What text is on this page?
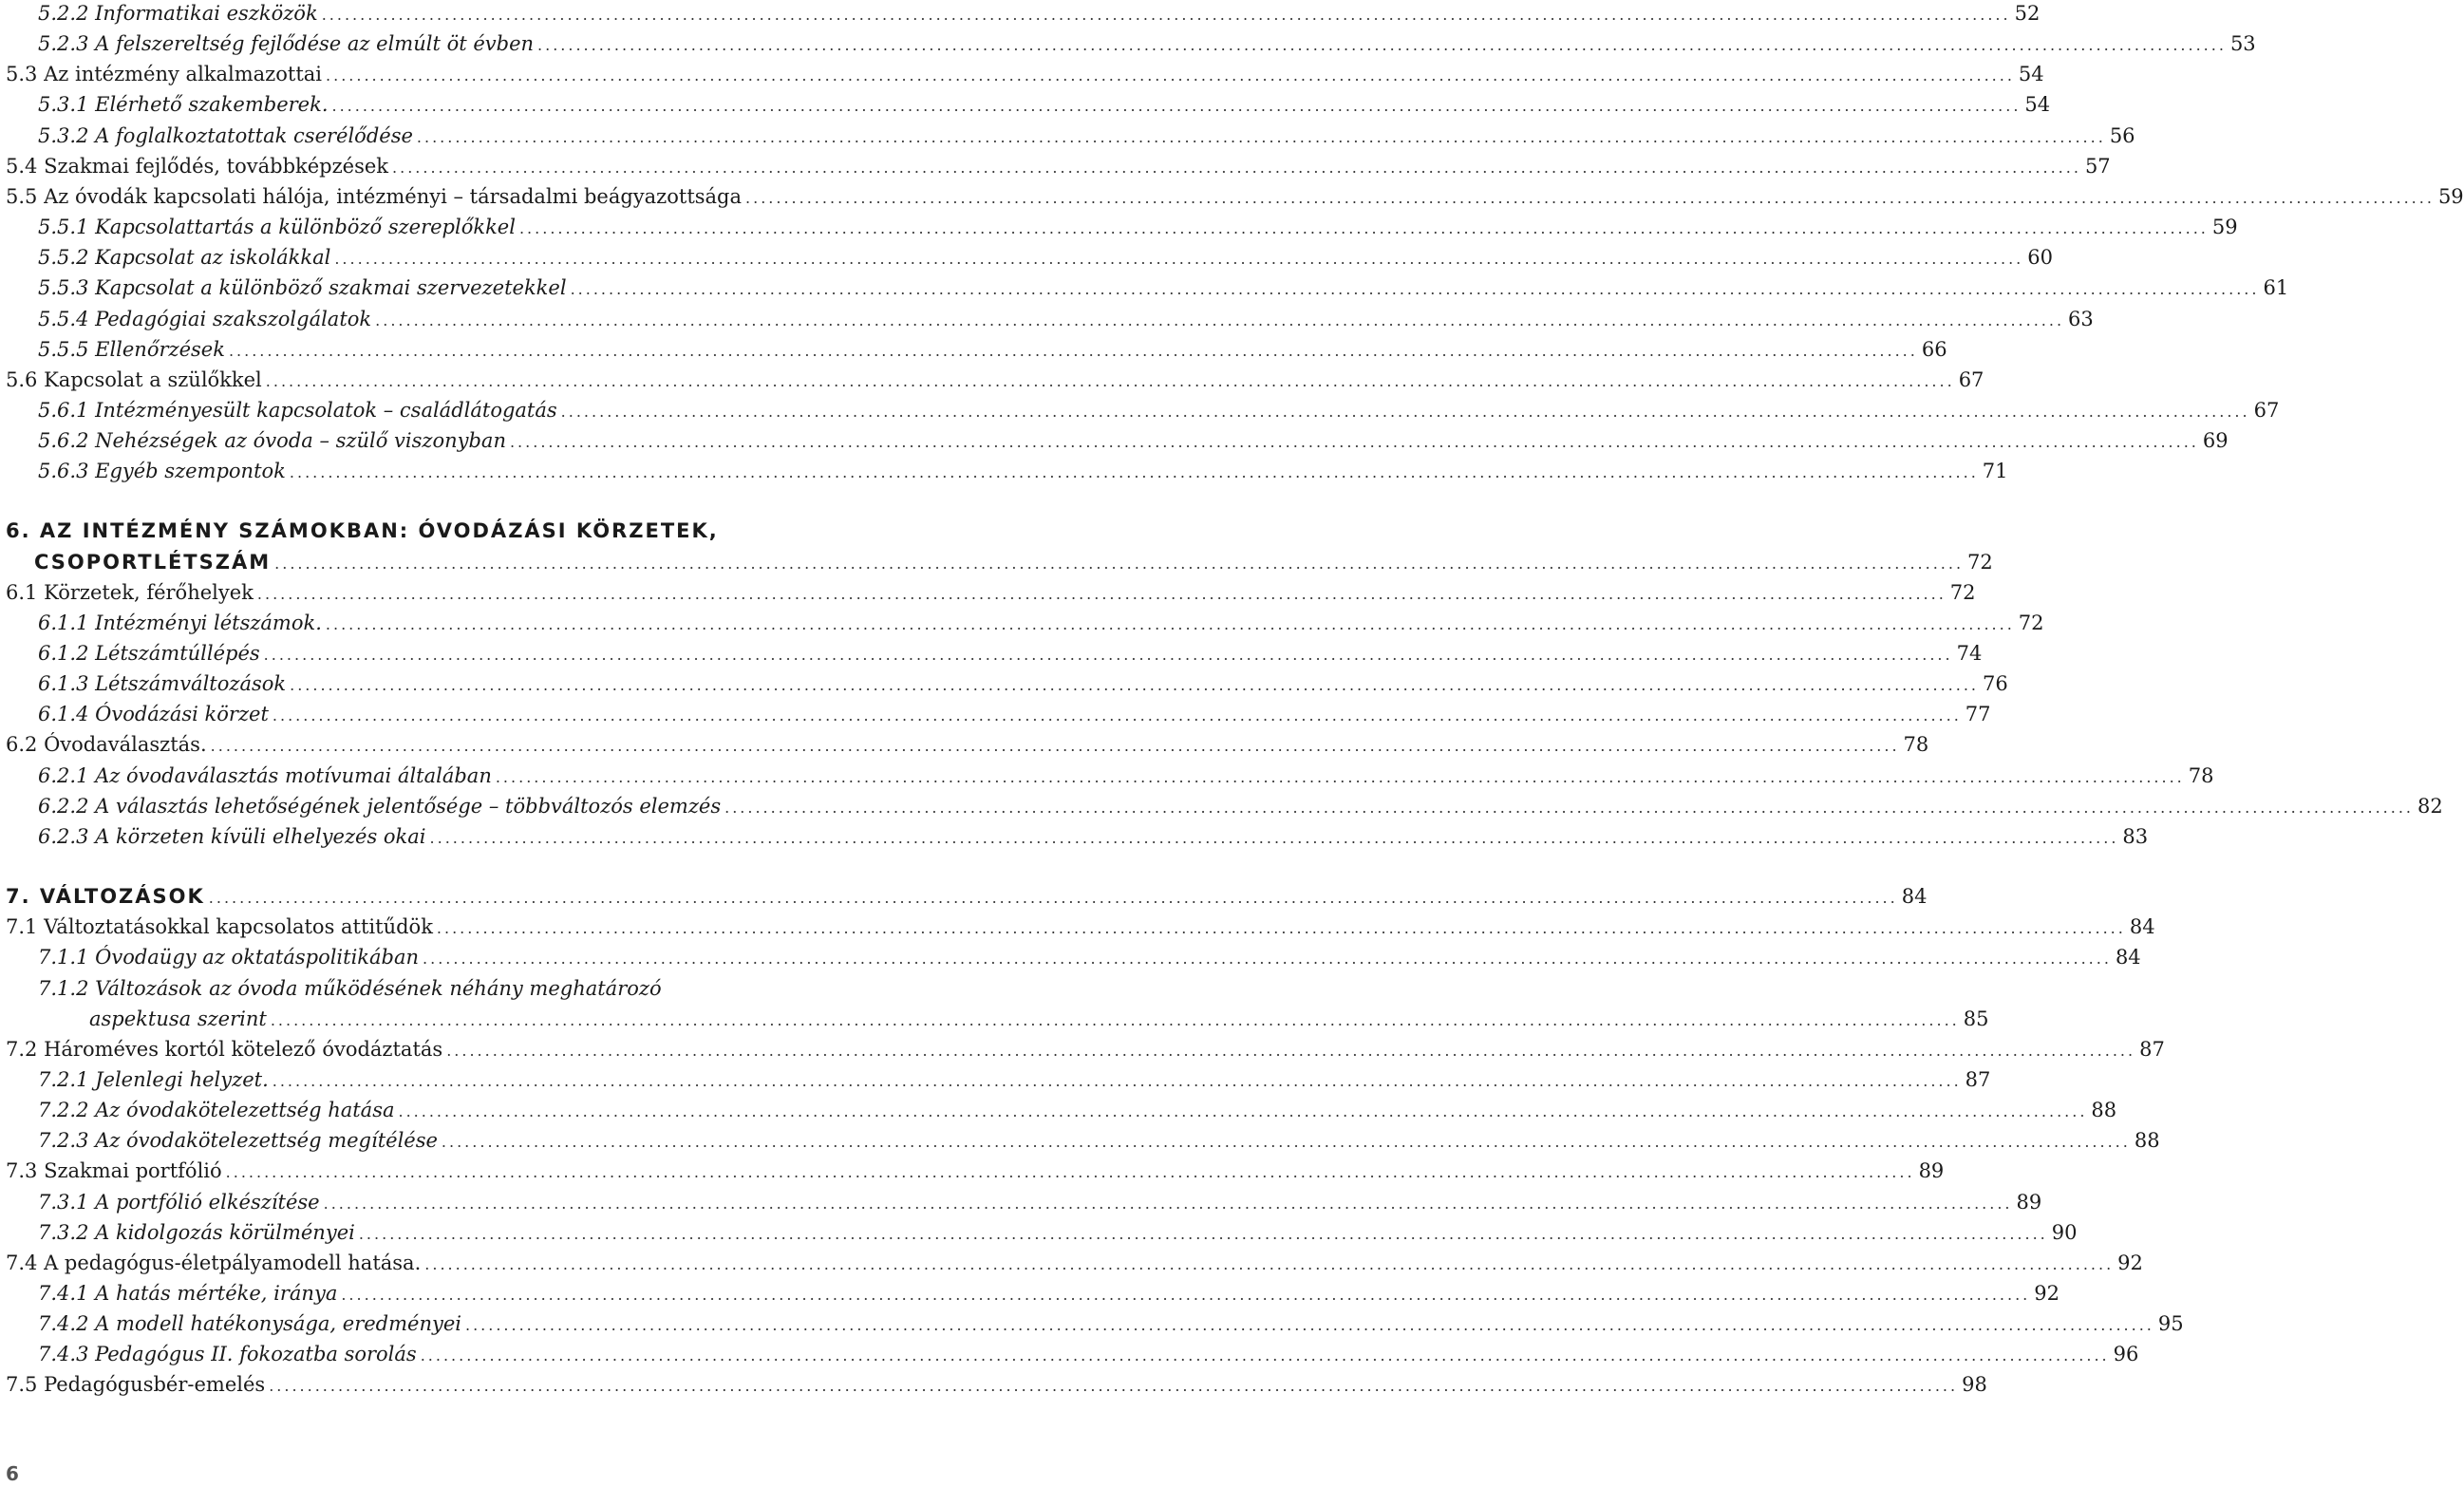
5.2.2 Informatikai eszközök ............................................................................................................................................................................................................................ 52
5.2.3 A felszereltség fejlődése az elmúlt öt évben ............................................................................................................................................................................................................................ 53
5.3 Az intézmény alkalmazottai ............................................................................................................................................................................................................................ 54
5.3.1 Elérhető szakemberek. ............................................................................................................................................................................................................................ 54
5.3.2 A foglalkoztatottak cserélődése ............................................................................................................................................................................................................................ 56
5.4 Szakmai fejlődés, továbbképzések ............................................................................................................................................................................................................................ 57
5.5 Az óvodák kapcsolati hálója, intézményi – társadalmi beágyazottsága ............................................................................................................................................................................................................................ 59
5.5.1 Kapcsolattartás a különböző szereplőkkel ............................................................................................................................................................................................................................ 59
5.5.2 Kapcsolat az iskolákkal ............................................................................................................................................................................................................................ 60
5.5.3 Kapcsolat a különböző szakmai szervezetekkel ............................................................................................................................................................................................................................ 61
5.5.4 Pedagógiai szakszolgálatok ............................................................................................................................................................................................................................ 63
5.5.5 Ellenőrzések ............................................................................................................................................................................................................................ 66
5.6 Kapcsolat a szülőkkel ............................................................................................................................................................................................................................ 67
5.6.1 Intézményesült kapcsolatok – családlátogatás ............................................................................................................................................................................................................................ 67
5.6.2 Nehézségek az óvoda – szülő viszonyban ............................................................................................................................................................................................................................ 69
5.6.3 Egyéb szempontok ............................................................................................................................................................................................................................ 71
6. AZ INTÉZMÉNY SZÁMOKBAN: ÓVODÁZÁSI KÖRZETEK,
CSOPORTLÉTSZÁM ............................................................................................................................................................................................................................ 72
6.1 Körzetek, férőhelyek ............................................................................................................................................................................................................................ 72
6.1.1 Intézményi létszámok. ............................................................................................................................................................................................................................ 72
6.1.2 Létszámtúllépés ............................................................................................................................................................................................................................ 74
6.1.3 Létszámváltozások ............................................................................................................................................................................................................................ 76
6.1.4 Óvodázási körzet ............................................................................................................................................................................................................................ 77
6.2 Óvodaválasztás. ............................................................................................................................................................................................................................ 78
6.2.1 Az óvodaválasztás motívumai általában ............................................................................................................................................................................................................................ 78
6.2.2 A választás lehetőségének jelentősége – többváltozós elemzés ............................................................................................................................................................................................................................ 82
6.2.3 A körzeten kívüli elhelyezés okai ............................................................................................................................................................................................................................ 83
7. VÁLTOZÁSOK ............................................................................................................................................................................................................................ 84
7.1 Változtatásokkal kapcsolatos attitűdök ............................................................................................................................................................................................................................ 84
7.1.1 Óvodaügy az oktatáspolitikában ............................................................................................................................................................................................................................ 84
7.1.2 Változások az óvoda működésének néhány meghatározó
aspektusa szerint ............................................................................................................................................................................................................................ 85
7.2 Hároméves kortól kötelező óvodáztatás ............................................................................................................................................................................................................................ 87
7.2.1 Jelenlegi helyzet. ............................................................................................................................................................................................................................ 87
7.2.2 Az óvodakötelezettség hatása ............................................................................................................................................................................................................................ 88
7.2.3 Az óvodakötelezettség megítélése ............................................................................................................................................................................................................................ 88
7.3 Szakmai portfólió ............................................................................................................................................................................................................................ 89
7.3.1 A portfólió elkészítése ............................................................................................................................................................................................................................ 89
7.3.2 A kidolgozás körülményei ............................................................................................................................................................................................................................ 90
7.4 A pedagógus-életpályamodell hatása. ............................................................................................................................................................................................................................ 92
7.4.1 A hatás mértéke, iránya ............................................................................................................................................................................................................................ 92
7.4.2 A modell hatékonysága, eredményei ............................................................................................................................................................................................................................ 95
7.4.3 Pedagógus II. fokozatba sorolás ............................................................................................................................................................................................................................ 96
7.5 Pedagógusbér-emelés ............................................................................................................................................................................................................................ 98
6
